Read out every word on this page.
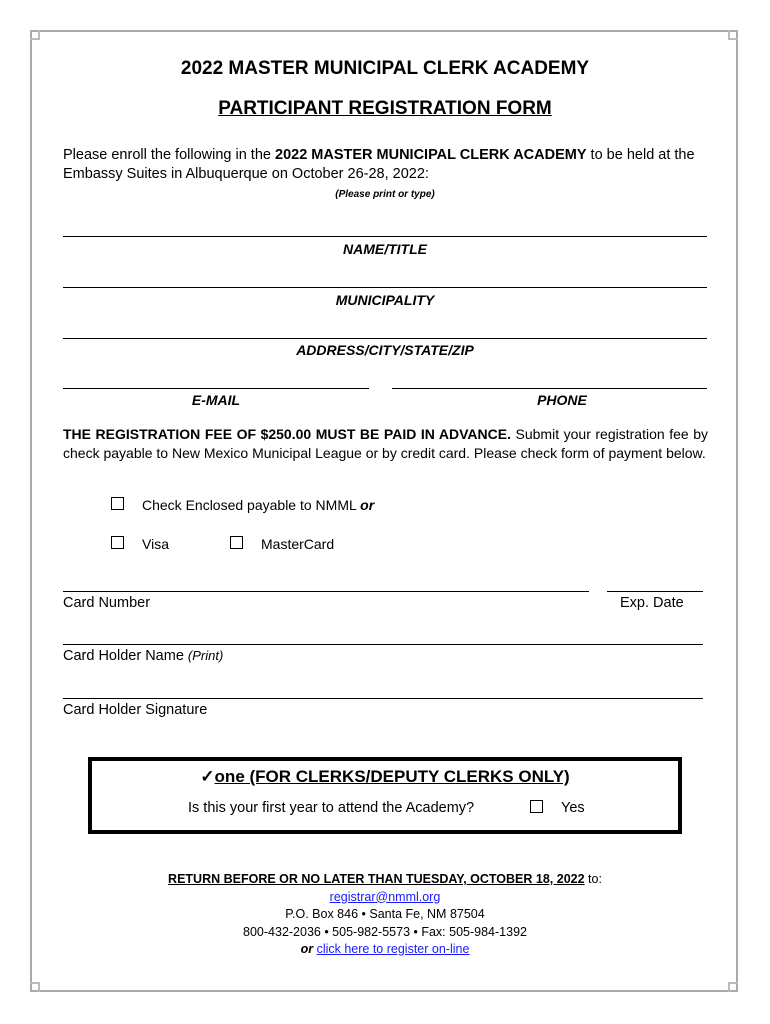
2022 MASTER MUNICIPAL CLERK ACADEMY
PARTICIPANT REGISTRATION FORM
Please enroll the following in the 2022 MASTER MUNICIPAL CLERK ACADEMY to be held at the Embassy Suites in Albuquerque on October 26-28, 2022:
(Please print or type)
NAME/TITLE
MUNICIPALITY
ADDRESS/CITY/STATE/ZIP
E-MAIL	PHONE
THE REGISTRATION FEE OF $250.00 MUST BE PAID IN ADVANCE. Submit your registration fee by check payable to New Mexico Municipal League or by credit card. Please check form of payment below.
Check Enclosed payable to NMML or
Visa	MasterCard
Card Number	Exp. Date
Card Holder Name (Print)
Card Holder Signature
✓one (FOR CLERKS/DEPUTY CLERKS ONLY)
Is this your first year to attend the Academy?	Yes
RETURN BEFORE OR NO LATER THAN TUESDAY, OCTOBER 18, 2022 to:
registrar@nmml.org
P.O. Box 846 • Santa Fe, NM 87504
800-432-2036 • 505-982-5573 • Fax: 505-984-1392
or click here to register on-line
